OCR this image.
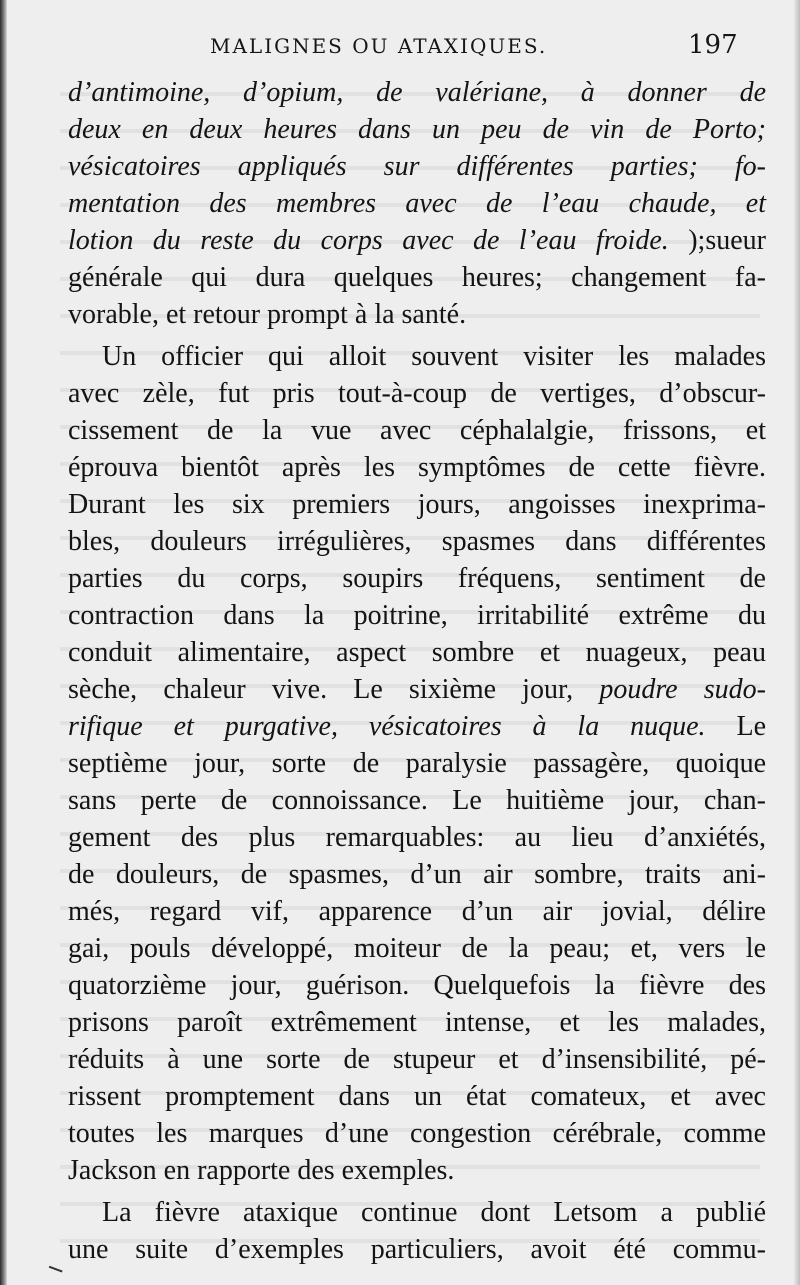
MALIGNES OU ATAXIQUES.	197
d’antimoine, d’opium, de valériane, à donner de
deux en deux heures dans un peu de vin de Porto;
vésicatoires appliqués sur différentes parties; fo-
mentation des membres avec de l’eau chaude, et
lotion du reste du corps avec de l’eau froide. );sueur
générale qui dura quelques heures; changement fa-
vorable, et retour prompt à la santé.
Un officier qui alloit souvent visiter les malades
avec zèle, fut pris tout-à-coup de vertiges, d’obscur-
cissement de la vue avec céphalalgie, frissons, et
éprouva bientôt après les symptômes de cette fièvre.
Durant les six premiers jours, angoisses inexprima-
bles, douleurs irrégulières, spasmes dans différentes
parties du corps, soupirs fréquens, sentiment de
contraction dans la poitrine, irritabilité extrême du
conduit alimentaire, aspect sombre et nuageux, peau
sèche, chaleur vive. Le sixième jour, poudre sudo-
rifique et purgative, vésicatoires à la nuque. Le
septième jour, sorte de paralysie passagère, quoique
sans perte de connoissance. Le huitième jour, chan-
gement des plus remarquables: au lieu d’anxiétés,
de douleurs, de spasmes, d’un air sombre, traits ani-
més, regard vif, apparence d’un air jovial, délire
gai, pouls développé, moiteur de la peau; et, vers le
quatorzième jour, guérison. Quelquefois la fièvre des
prisons paroît extrêmement intense, et les malades,
réduits à une sorte de stupeur et d’insensibilité, pé-
rissent promptement dans un état comateux, et avec
toutes les marques d’une congestion cérébrale, comme
Jackson en rapporte des exemples.
La fièvre ataxique continue dont Letsom a publié
une suite d’exemples particuliers, avoit été commu-
